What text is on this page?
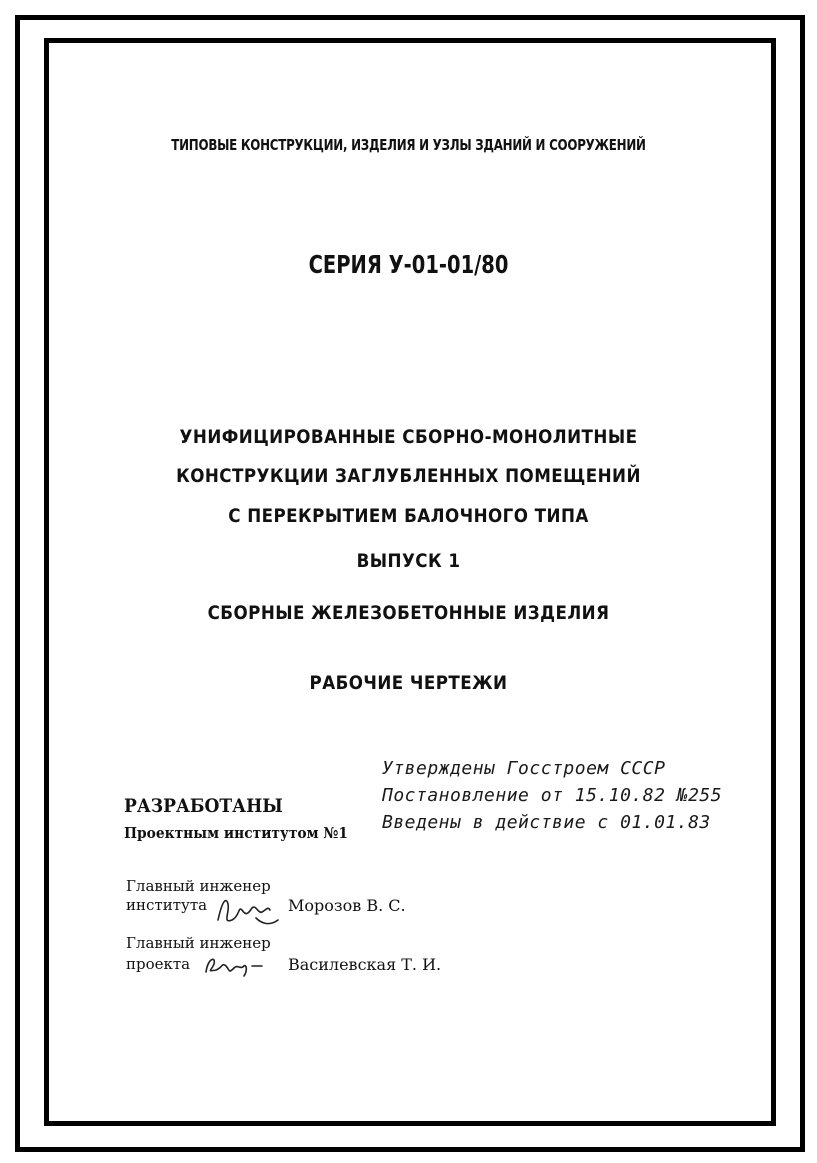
ТИПОВЫЕ КОНСТРУКЦИИ, ИЗДЕЛИЯ И УЗЛЫ ЗДАНИЙ И СООРУЖЕНИЙ
СЕРИЯ У-01-01/80
УНИФИЦИРОВАННЫЕ СБОРНО-МОНОЛИТНЫЕ
КОНСТРУКЦИИ ЗАГЛУБЛЕННЫХ ПОМЕЩЕНИЙ
С ПЕРЕКРЫТИЕМ БАЛОЧНОГО ТИПА
ВЫПУСК 1
СБОРНЫЕ ЖЕЛЕЗОБЕТОННЫЕ ИЗДЕЛИЯ
РАБОЧИЕ ЧЕРТЕЖИ
Утверждены Госстроем СССР
Постановление от 15.10.82 №255
Введены в действие с 01.01.83
РАЗРАБОТАНЫ
Проектным институтом №1
Главный инженер
института	Морозов В. С.
Главный инженер
проекта	Василевская Т. И.
